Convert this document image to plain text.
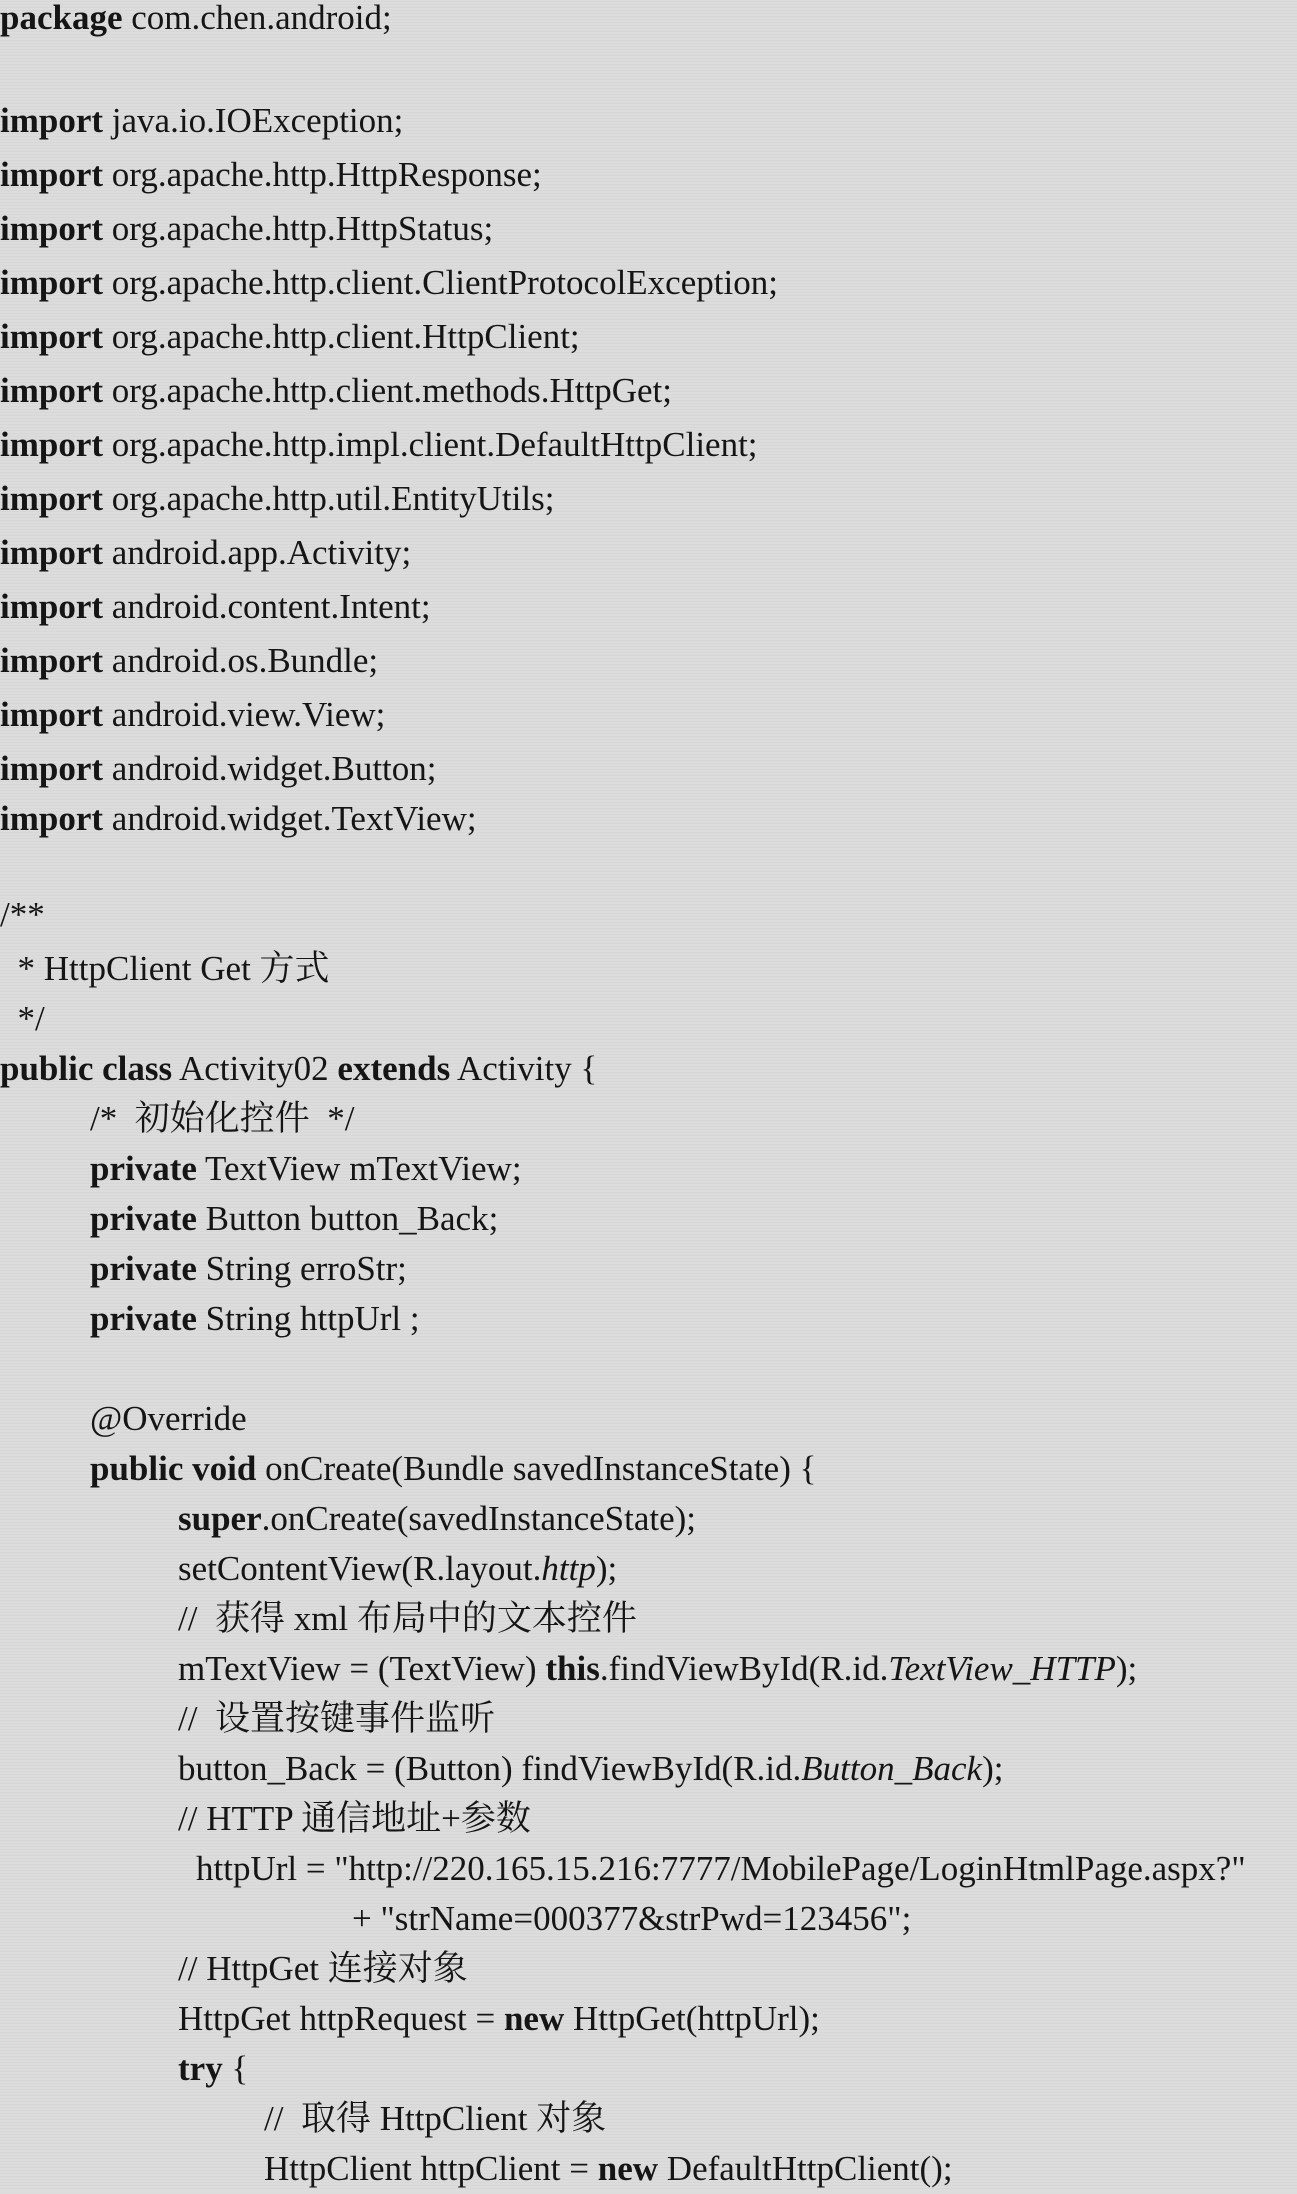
package com.chen.android;
import java.io.IOException;
import org.apache.http.HttpResponse;
import org.apache.http.HttpStatus;
import org.apache.http.client.ClientProtocolException;
import org.apache.http.client.HttpClient;
import org.apache.http.client.methods.HttpGet;
import org.apache.http.impl.client.DefaultHttpClient;
import org.apache.http.util.EntityUtils;
import android.app.Activity;
import android.content.Intent;
import android.os.Bundle;
import android.view.View;
import android.widget.Button;
import android.widget.TextView;
/**
* HttpClient Get 方式
*/
public class Activity02 extends Activity {
/*  初始化控件  */
private TextView mTextView;
private Button button_Back;
private String erroStr;
private String httpUrl ;
@Override
public void onCreate(Bundle savedInstanceState) {
super.onCreate(savedInstanceState);
setContentView(R.layout.http);
//  获得 xml 布局中的文本控件
mTextView = (TextView) this.findViewById(R.id.TextView_HTTP);
//  设置按键事件监听
button_Back = (Button) findViewById(R.id.Button_Back);
// HTTP 通信地址+参数
httpUrl = "http://220.165.15.216:7777/MobilePage/LoginHtmlPage.aspx?"
+ "strName=000377&strPwd=123456";
// HttpGet 连接对象
HttpGet httpRequest = new HttpGet(httpUrl);
try {
//  取得 HttpClient 对象
HttpClient httpClient = new DefaultHttpClient();
